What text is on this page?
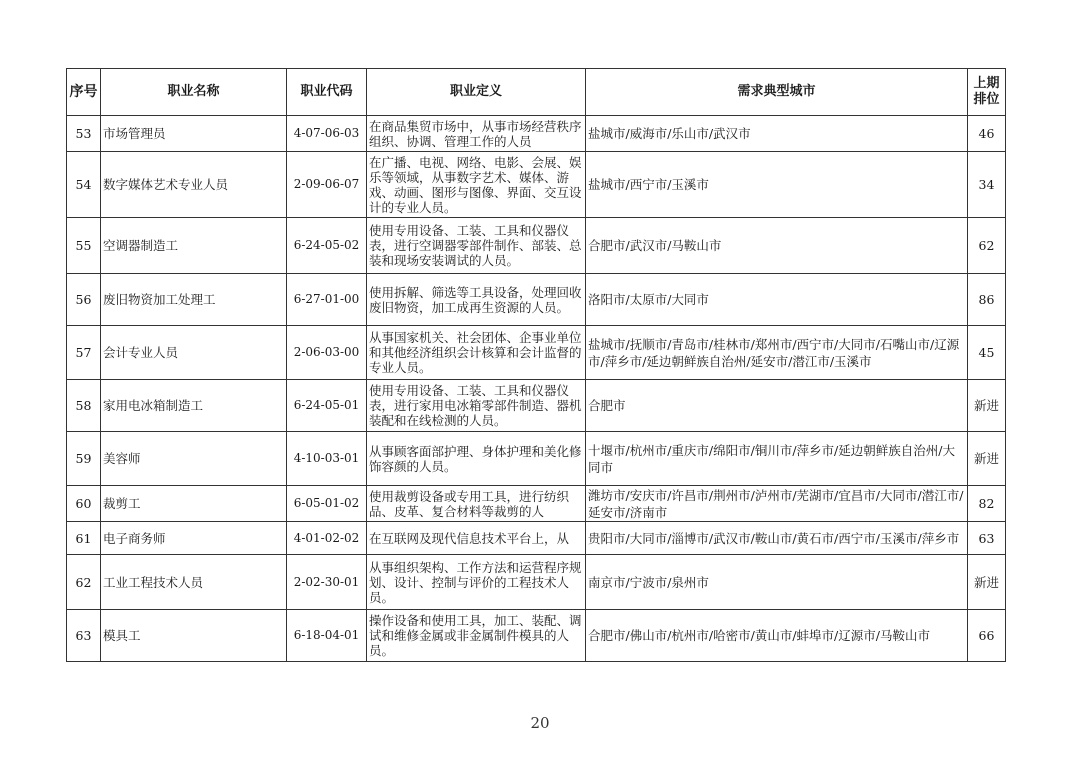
序号	职业名称	职业代码	职业定义	需求典型城市	上期排位
53	市场管理员	4-07-06-03	在商品集贸市场中，从事市场经营秩序组织、协调、管理工作的人员	盐城市/威海市/乐山市/武汉市	46
54	数字媒体艺术专业人员	2-09-06-07	在广播、电视、网络、电影、会展、娱乐等领域，从事数字艺术、媒体、游戏、动画、图形与图像、界面、交互设计的专业人员。	盐城市/西宁市/玉溪市	34
55	空调器制造工	6-24-05-02	使用专用设备、工装、工具和仪器仪表，进行空调器零部件制作、部装、总装和现场安装调试的人员。	合肥市/武汉市/马鞍山市	62
56	废旧物资加工处理工	6-27-01-00	使用拆解、筛选等工具设备，处理回收废旧物资，加工成再生资源的人员。	洛阳市/太原市/大同市	86
57	会计专业人员	2-06-03-00	从事国家机关、社会团体、企事业单位和其他经济组织会计核算和会计监督的专业人员。	盐城市/抚顺市/青岛市/桂林市/郑州市/西宁市/大同市/石嘴山市/辽源市/萍乡市/延边朝鲜族自治州/延安市/潜江市/玉溪市	45
58	家用电冰箱制造工	6-24-05-01	使用专用设备、工装、工具和仪器仪表，进行家用电冰箱零部件制造、器机装配和在线检测的人员。	合肥市	新进
59	美容师	4-10-03-01	从事顾客面部护理、身体护理和美化修饰容颜的人员。	十堰市/杭州市/重庆市/绵阳市/铜川市/萍乡市/延边朝鲜族自治州/大同市	新进
60	裁剪工	6-05-01-02	使用裁剪设备或专用工具，进行纺织品、皮革、复合材料等裁剪的人	潍坊市/安庆市/许昌市/荆州市/泸州市/芜湖市/宜昌市/大同市/潜江市/延安市/济南市	82
61	电子商务师	4-01-02-02	在互联网及现代信息技术平台上，从	贵阳市/大同市/淄博市/武汉市/鞍山市/黄石市/西宁市/玉溪市/萍乡市	63
62	工业工程技术人员	2-02-30-01	从事组织架构、工作方法和运营程序规划、设计、控制与评价的工程技术人员。	南京市/宁波市/泉州市	新进
63	模具工	6-18-04-01	操作设备和使用工具，加工、装配、调试和维修金属或非金属制件模具的人员。	合肥市/佛山市/杭州市/哈密市/黄山市/蚌埠市/辽源市/马鞍山市	66
20
